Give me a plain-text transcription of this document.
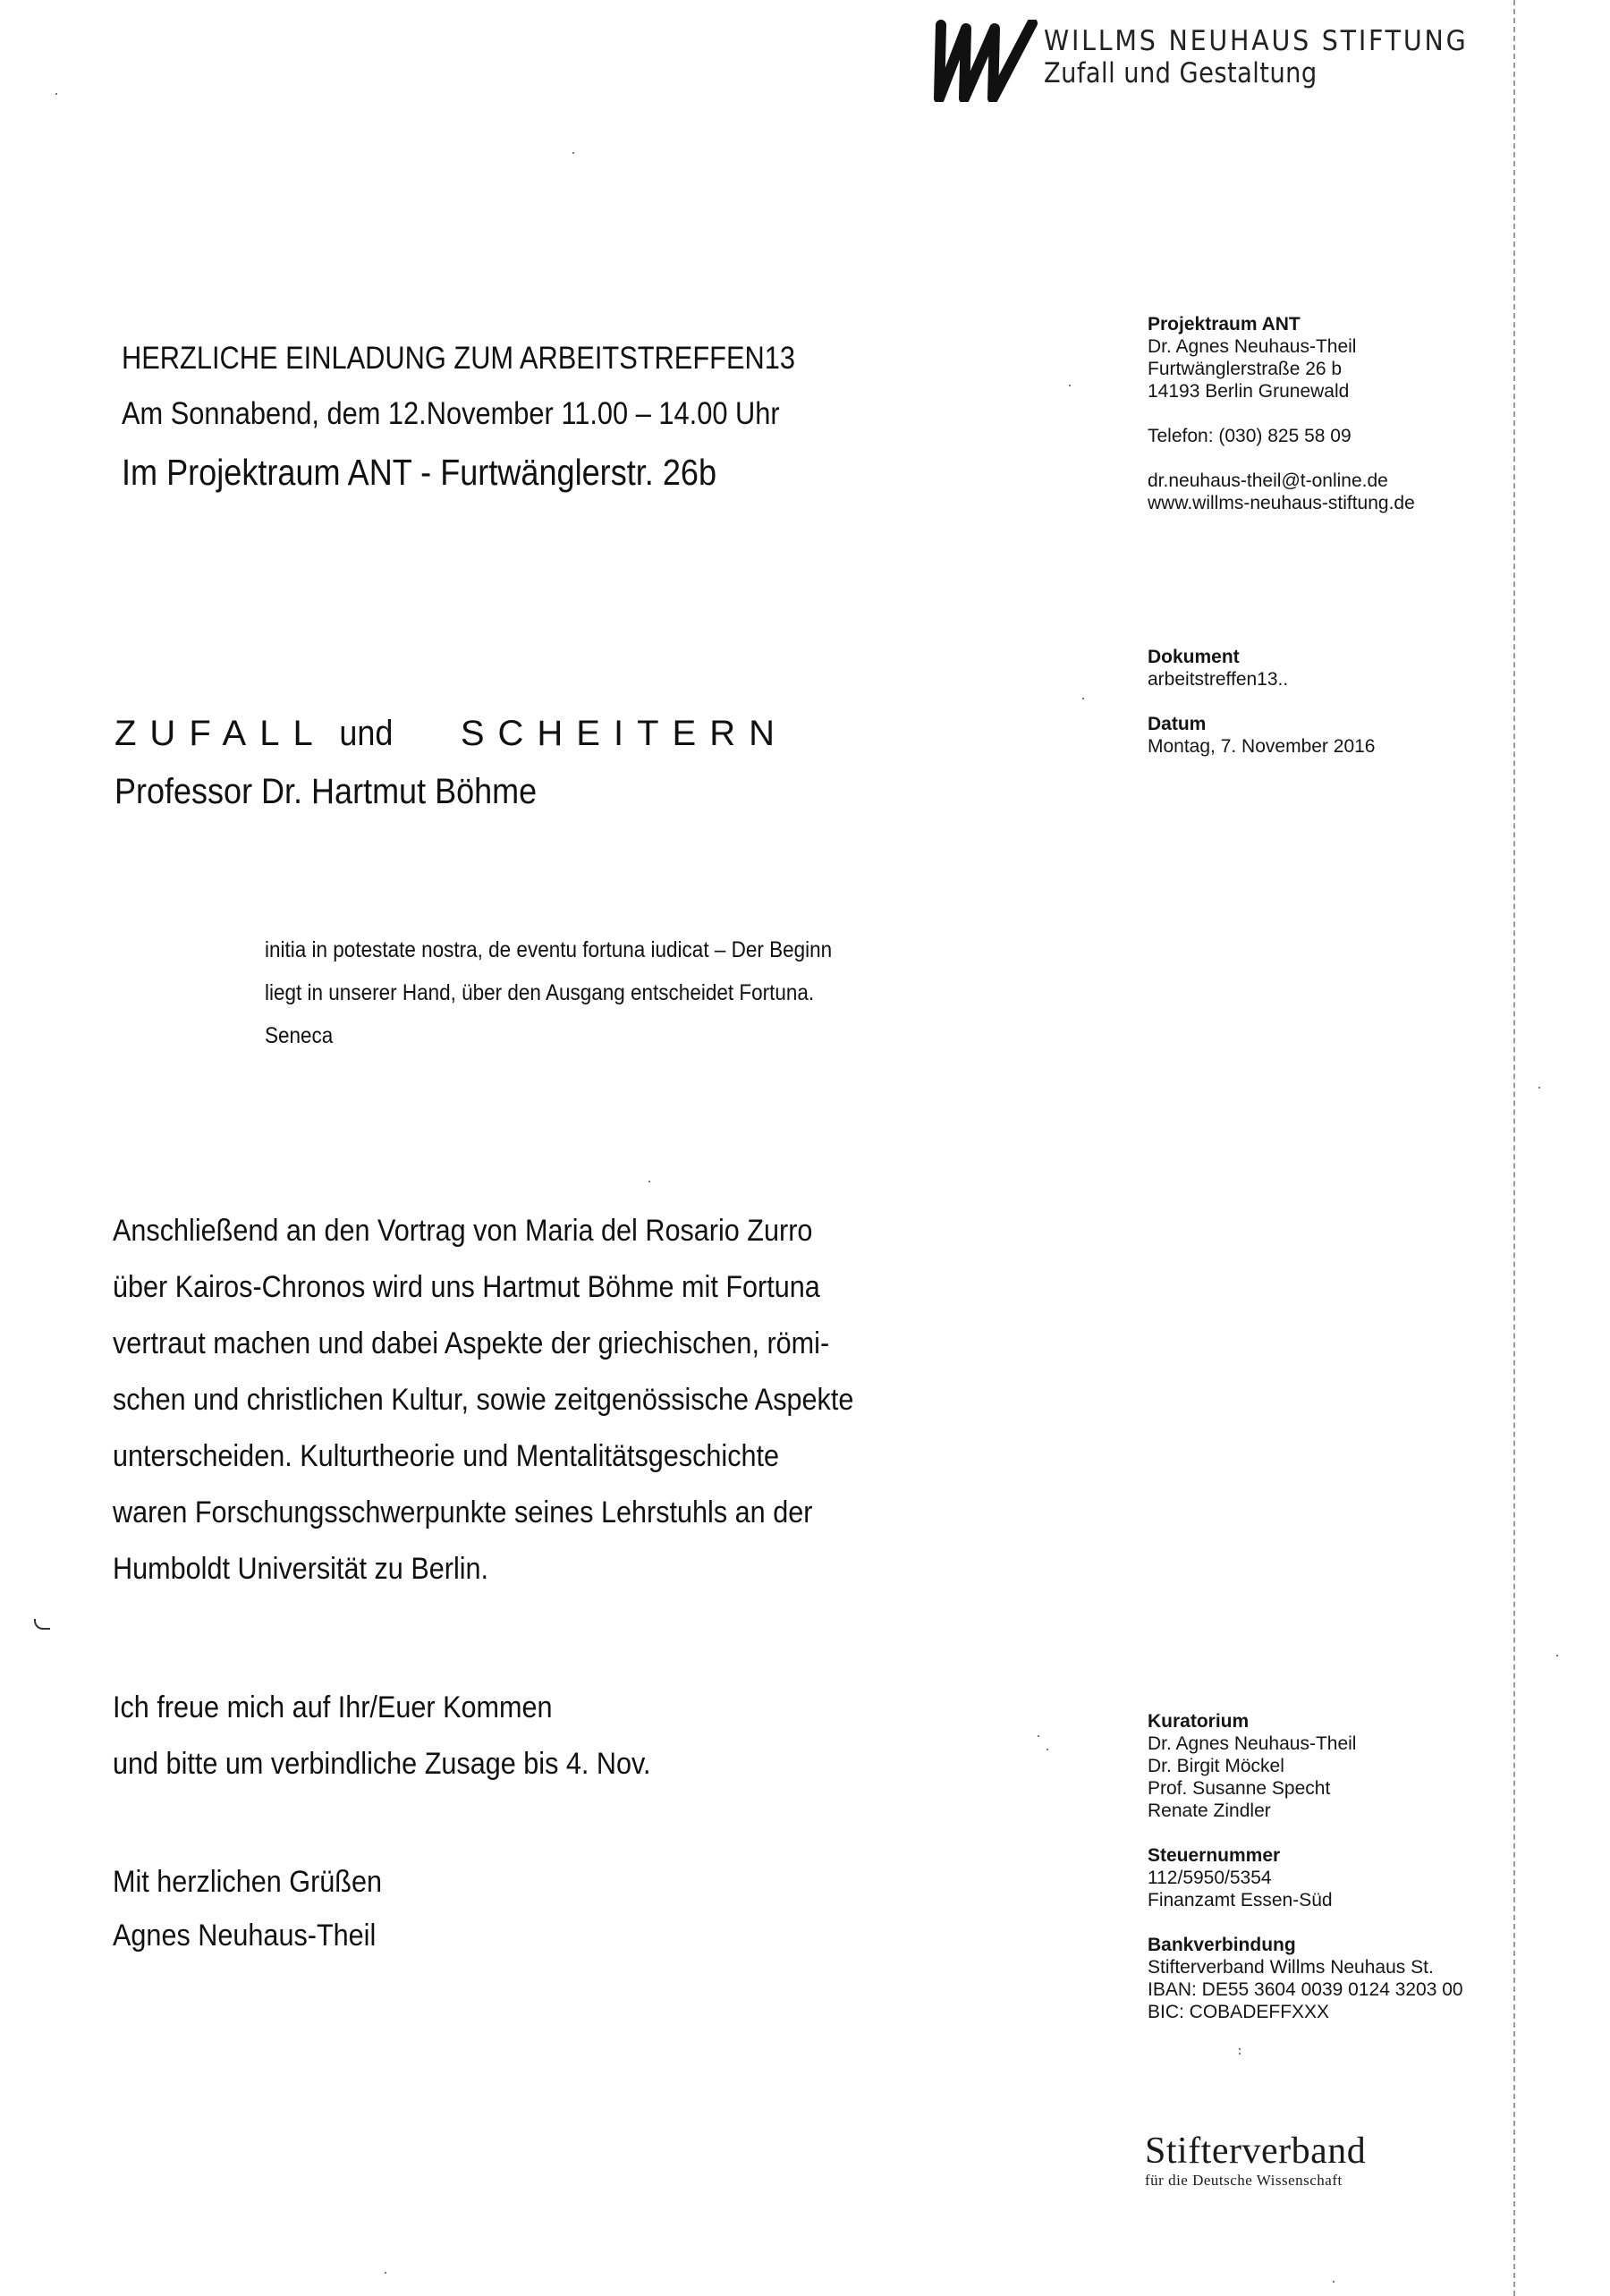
WILLMS NEUHAUS STIFTUNG
Zufall und Gestaltung
HERZLICHE EINLADUNG ZUM ARBEITSTREFFEN13
Am Sonnabend, dem 12.November 11.00 – 14.00 Uhr
Im Projektraum ANT - Furtwänglerstr. 26b
Projektraum ANT
Dr. Agnes Neuhaus-Theil
Furtwänglerstraße 26 b
14193 Berlin Grunewald
Telefon: (030) 825 58 09
dr.neuhaus-theil@t-online.de
www.willms-neuhaus-stiftung.de
Dokument
arbeitstreffen13..
Datum
Montag, 7. November 2016
ZUFALL und SCHEITERN
Professor Dr. Hartmut Böhme
initia in potestate nostra, de eventu fortuna iudicat – Der Beginn
liegt in unserer Hand, über den Ausgang entscheidet Fortuna.
Seneca
Anschließend an den Vortrag von Maria del Rosario Zurro
über Kairos-Chronos wird uns Hartmut Böhme mit Fortuna
vertraut machen und dabei Aspekte der griechischen, römi-
schen und christlichen Kultur, sowie zeitgenössische Aspekte
unterscheiden. Kulturtheorie und Mentalitätsgeschichte
waren Forschungsschwerpunkte seines Lehrstuhls an der
Humboldt Universität zu Berlin.
Ich freue mich auf Ihr/Euer Kommen
und bitte um verbindliche Zusage bis 4. Nov.
Mit herzlichen Grüßen
Agnes Neuhaus-Theil
Kuratorium
Dr. Agnes Neuhaus-Theil
Dr. Birgit Möckel
Prof. Susanne Specht
Renate Zindler
Steuernummer
112/5950/5354
Finanzamt Essen-Süd
Bankverbindung
Stifterverband Willms Neuhaus St.
IBAN: DE55 3604 0039 0124 3203 00
BIC: COBADEFFXXX
Stifterverband
für die Deutsche Wissenschaft
